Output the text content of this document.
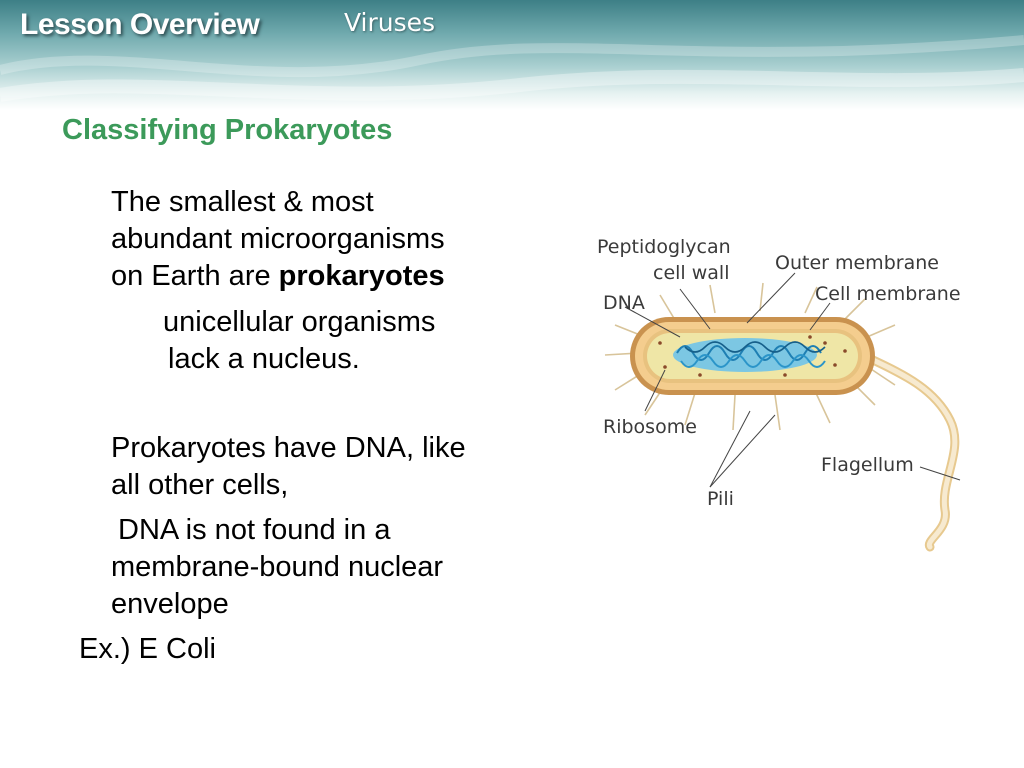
Lesson Overview	Viruses
Classifying Prokaryotes
The smallest & most
abundant microorganisms
on Earth are prokaryotes
unicellular organisms
lack a nucleus.
Prokaryotes have DNA, like
all other cells,
DNA is not found in a
membrane-bound nuclear
envelope
Ex.) E Coli
Peptidoglycan
cell wall Outer membrane
DNA	Cell membrane
Ribosome
Flagellum
Pili
